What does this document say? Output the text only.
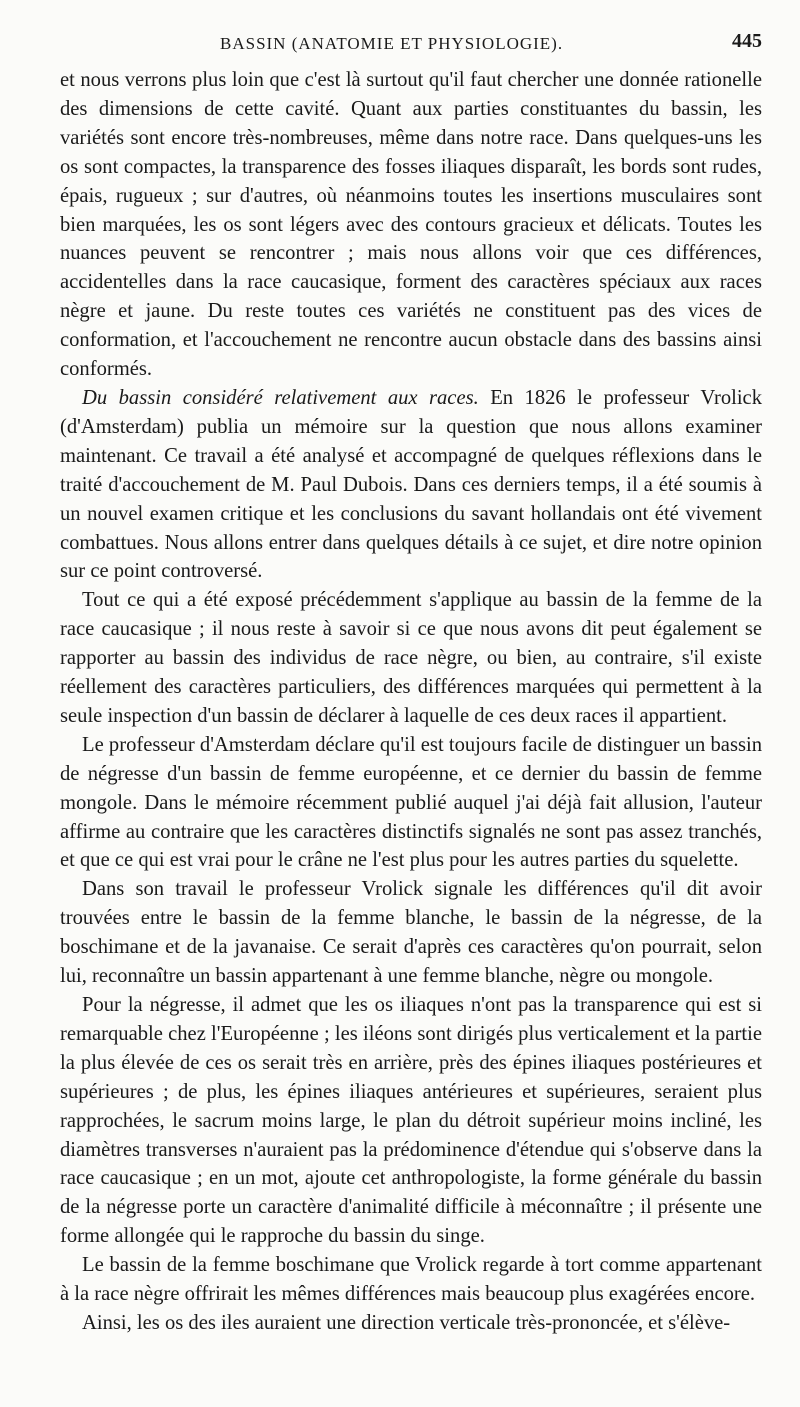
BASSIN (ANATOMIE ET PHYSIOLOGIE).	445

et nous verrons plus loin que c'est là surtout qu'il faut chercher une donnée rationelle des dimensions de cette cavité. Quant aux parties constituantes du bassin, les variétés sont encore très-nombreuses, même dans notre race. Dans quelques-uns les os sont compactes, la transparence des fosses iliaques disparaît, les bords sont rudes, épais, rugueux ; sur d'autres, où néanmoins toutes les insertions musculaires sont bien marquées, les os sont légers avec des contours gracieux et délicats. Toutes les nuances peuvent se rencontrer ; mais nous allons voir que ces différences, accidentelles dans la race caucasique, forment des caractères spéciaux aux races nègre et jaune. Du reste toutes ces variétés ne constituent pas des vices de conformation, et l'accouchement ne rencontre aucun obstacle dans des bassins ainsi conformés.

Du bassin considéré relativement aux races. En 1826 le professeur Vrolick (d'Amsterdam) publia un mémoire sur la question que nous allons examiner maintenant. Ce travail a été analysé et accompagné de quelques réflexions dans le traité d'accouchement de M. Paul Dubois. Dans ces derniers temps, il a été soumis à un nouvel examen critique et les conclusions du savant hollandais ont été vivement combattues. Nous allons entrer dans quelques détails à ce sujet, et dire notre opinion sur ce point controversé.

Tout ce qui a été exposé précédemment s'applique au bassin de la femme de la race caucasique ; il nous reste à savoir si ce que nous avons dit peut également se rapporter au bassin des individus de race nègre, ou bien, au contraire, s'il existe réellement des caractères particuliers, des différences marquées qui permettent à la seule inspection d'un bassin de déclarer à laquelle de ces deux races il appartient.

Le professeur d'Amsterdam déclare qu'il est toujours facile de distinguer un bassin de négresse d'un bassin de femme européenne, et ce dernier du bassin de femme mongole. Dans le mémoire récemment publié auquel j'ai déjà fait allusion, l'auteur affirme au contraire que les caractères distinctifs signalés ne sont pas assez tranchés, et que ce qui est vrai pour le crâne ne l'est plus pour les autres parties du squelette.

Dans son travail le professeur Vrolick signale les différences qu'il dit avoir trouvées entre le bassin de la femme blanche, le bassin de la négresse, de la boschimane et de la javanaise. Ce serait d'après ces caractères qu'on pourrait, selon lui, reconnaître un bassin appartenant à une femme blanche, nègre ou mongole.

Pour la négresse, il admet que les os iliaques n'ont pas la transparence qui est si remarquable chez l'Européenne ; les iléons sont dirigés plus verticalement et la partie la plus élevée de ces os serait très en arrière, près des épines iliaques postérieures et supérieures ; de plus, les épines iliaques antérieures et supérieures, seraient plus rapprochées, le sacrum moins large, le plan du détroit supérieur moins incliné, les diamètres transverses n'auraient pas la prédominence d'étendue qui s'observe dans la race caucasique ; en un mot, ajoute cet anthropologiste, la forme générale du bassin de la négresse porte un caractère d'animalité difficile à méconnaître ; il présente une forme allongée qui le rapproche du bassin du singe.

Le bassin de la femme boschimane que Vrolick regarde à tort comme appartenant à la race nègre offrirait les mêmes différences mais beaucoup plus exagérées encore.

Ainsi, les os des iles auraient une direction verticale très-prononcée, et s'élève-
